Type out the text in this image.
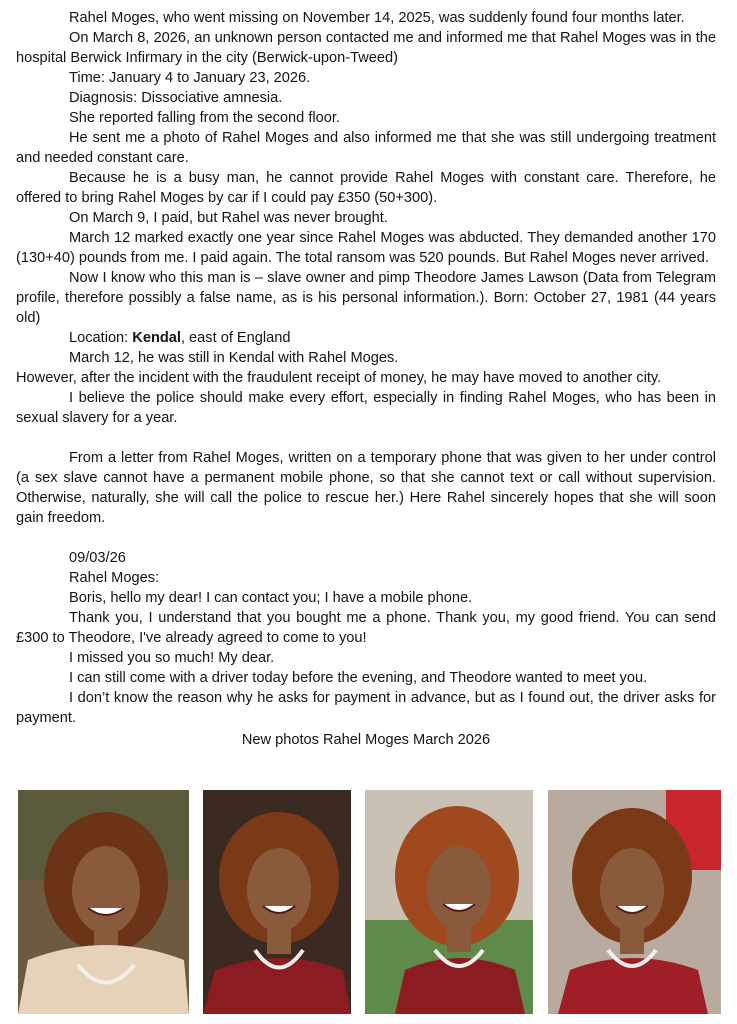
Rahel Moges, who went missing on November 14, 2025, was suddenly found four months later.

On March 8, 2026, an unknown person contacted me and informed me that Rahel Moges was in the hospital Berwick Infirmary in the city (Berwick-upon-Tweed)

Time: January 4 to January 23, 2026.

Diagnosis: Dissociative amnesia.

She reported falling from the second floor.

He sent me a photo of Rahel Moges and also informed me that she was still undergoing treatment and needed constant care.

Because he is a busy man, he cannot provide Rahel Moges with constant care. Therefore, he offered to bring Rahel Moges by car if I could pay £350 (50+300).

On March 9, I paid, but Rahel was never brought.

March 12 marked exactly one year since Rahel Moges was abducted. They demanded another 170 (130+40) pounds from me. I paid again. The total ransom was 520 pounds. But Rahel Moges never arrived.

Now I know who this man is – slave owner and pimp Theodore James Lawson (Data from Telegram profile, therefore possibly a false name, as is his personal information.). Born: October 27, 1981 (44 years old)

Location: Kendal, east of England

March 12, he was still in Kendal with Rahel Moges.

However, after the incident with the fraudulent receipt of money, he may have moved to another city.

I believe the police should make every effort, especially in finding Rahel Moges, who has been in sexual slavery for a year.

From a letter from Rahel Moges, written on a temporary phone that was given to her under control (a sex slave cannot have a permanent mobile phone, so that she cannot text or call without supervision. Otherwise, naturally, she will call the police to rescue her.) Here Rahel sincerely hopes that she will soon gain freedom.

09/03/26

Rahel Moges:

Boris, hello my dear! I can contact you; I have a mobile phone.

Thank you, I understand that you bought me a phone. Thank you, my good friend. You can send £300 to Theodore, I've already agreed to come to you!

I missed you so much! My dear.

I can still come with a driver today before the evening, and Theodore wanted to meet you.

I don’t know the reason why he asks for payment in advance, but as I found out, the driver asks for payment.

New photos Rahel Moges March 2026
